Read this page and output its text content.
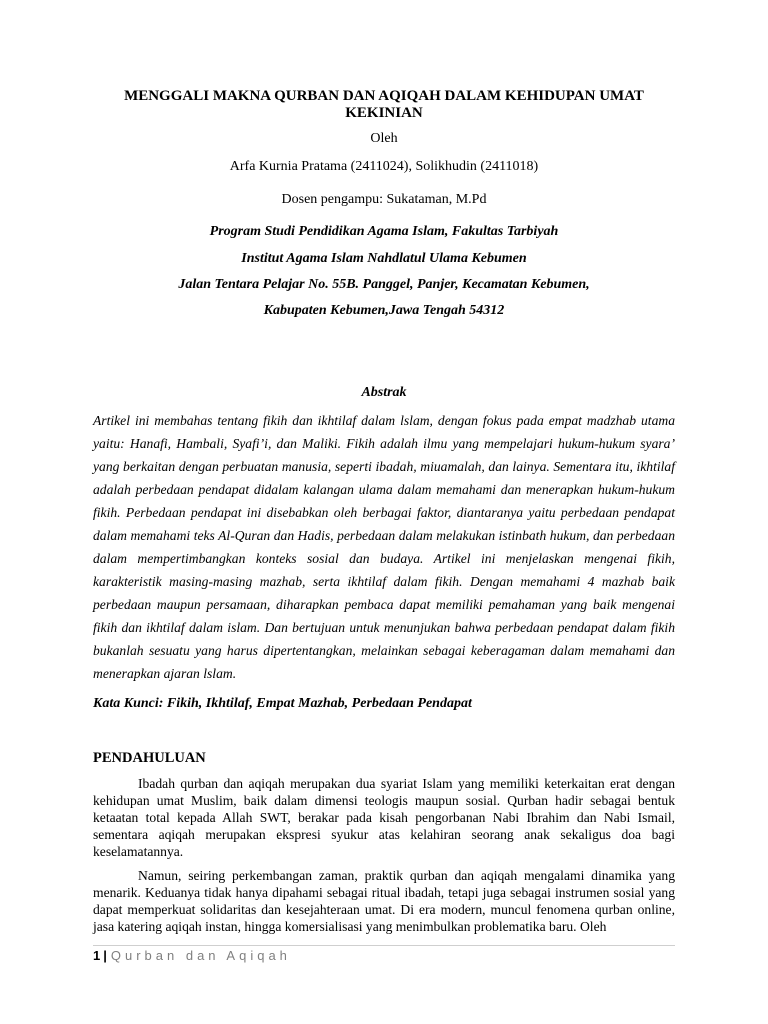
MENGGALI MAKNA QURBAN DAN AQIQAH DALAM KEHIDUPAN UMAT KEKINIAN
Oleh
Arfa Kurnia Pratama (2411024), Solikhudin (2411018)
Dosen pengampu: Sukataman, M.Pd
Program Studi Pendidikan Agama Islam, Fakultas Tarbiyah
Institut Agama Islam Nahdlatul Ulama Kebumen
Jalan Tentara Pelajar No. 55B. Panggel, Panjer, Kecamatan Kebumen,
Kabupaten Kebumen,Jawa Tengah 54312
Abstrak
Artikel ini membahas tentang fikih dan ikhtilaf dalam lslam, dengan fokus pada empat madzhab utama yaitu: Hanafi, Hambali, Syafi’i, dan Maliki. Fikih adalah ilmu yang mempelajari hukum-hukum syara’ yang berkaitan dengan perbuatan manusia, seperti ibadah, miuamalah, dan lainya. Sementara itu, ikhtilaf adalah perbedaan pendapat didalam kalangan ulama dalam memahami dan menerapkan hukum-hukum fikih. Perbedaan pendapat ini disebabkan oleh berbagai faktor, diantaranya yaitu perbedaan pendapat dalam memahami teks Al-Quran dan Hadis, perbedaan dalam melakukan istinbath hukum, dan perbedaan dalam mempertimbangkan konteks sosial dan budaya. Artikel ini menjelaskan mengenai fikih, karakteristik masing-masing mazhab, serta ikhtilaf dalam fikih. Dengan memahami 4 mazhab baik perbedaan maupun persamaan, diharapkan pembaca dapat memiliki pemahaman yang baik mengenai fikih dan ikhtilaf dalam islam. Dan bertujuan untuk menunjukan bahwa perbedaan pendapat dalam fikih bukanlah sesuatu yang harus dipertentangkan, melainkan sebagai keberagaman dalam memahami dan menerapkan ajaran lslam.
Kata Kunci: Fikih, Ikhtilaf, Empat Mazhab, Perbedaan Pendapat
PENDAHULUAN
Ibadah qurban dan aqiqah merupakan dua syariat Islam yang memiliki keterkaitan erat dengan kehidupan umat Muslim, baik dalam dimensi teologis maupun sosial. Qurban hadir sebagai bentuk ketaatan total kepada Allah SWT, berakar pada kisah pengorbanan Nabi Ibrahim dan Nabi Ismail, sementara aqiqah merupakan ekspresi syukur atas kelahiran seorang anak sekaligus doa bagi keselamatannya.
Namun, seiring perkembangan zaman, praktik qurban dan aqiqah mengalami dinamika yang menarik. Keduanya tidak hanya dipahami sebagai ritual ibadah, tetapi juga sebagai instrumen sosial yang dapat memperkuat solidaritas dan kesejahteraan umat. Di era modern, muncul fenomena qurban online, jasa katering aqiqah instan, hingga komersialisasi yang menimbulkan problematika baru. Oleh
1 | Qurban dan Aqiqah
